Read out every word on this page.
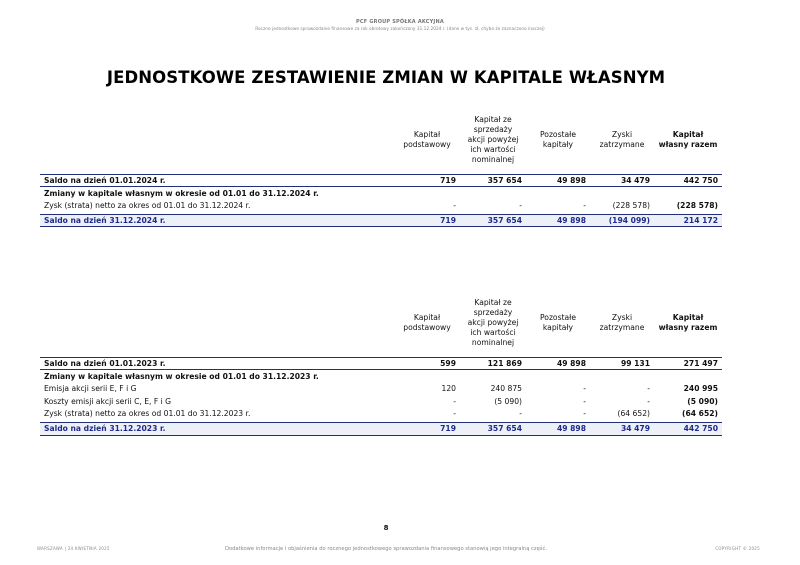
PCF GROUP SPÓŁKA AKCYJNA
Roczne jednostkowe sprawozdanie finansowe za rok obrotowy zakończony 31.12.2024 r. (dane w tys. zł, chyba że zaznaczono inaczej)
JEDNOSTKOWE ZESTAWIENIE ZMIAN W KAPITALE WŁASNYM
	Kapitał podstawowy	Kapitał ze sprzedaży akcji powyżej ich wartości nominalnej	Pozostałe kapitały	Zyski zatrzymane	Kapitał własny razem
Saldo na dzień 01.01.2024 r.	719	357 654	49 898	34 479	442 750
Zmiany w kapitale własnym w okresie od 01.01 do 31.12.2024 r.					
Zysk (strata) netto za okres od 01.01 do 31.12.2024 r.	-	-	-	(228 578)	(228 578)

Saldo na dzień 31.12.2024 r.	719	357 654	49 898	(194 099)	214 172
	Kapitał podstawowy	Kapitał ze sprzedaży akcji powyżej ich wartości nominalnej	Pozostałe kapitały	Zyski zatrzymane	Kapitał własny razem
Saldo na dzień 01.01.2023 r.	599	121 869	49 898	99 131	271 497
Zmiany w kapitale własnym w okresie od 01.01 do 31.12.2023 r.					
Emisja akcji serii E, F i G	120	240 875	-	-	240 995
Koszty emisji akcji serii C, E, F i G	-	(5 090)	-	-	(5 090)
Zysk (strata) netto za okres od 01.01 do 31.12.2023 r.	-	-	-	(64 652)	(64 652)

Saldo na dzień 31.12.2023 r.	719	357 654	49 898	34 479	442 750
8
WARSZAWA | 24 KWIETNIA 2025	Dodatkowe informacje i objaśnienia do rocznego jednostkowego sprawozdania finansowego stanowią jego integralną część.	COPYRIGHT © 2025
